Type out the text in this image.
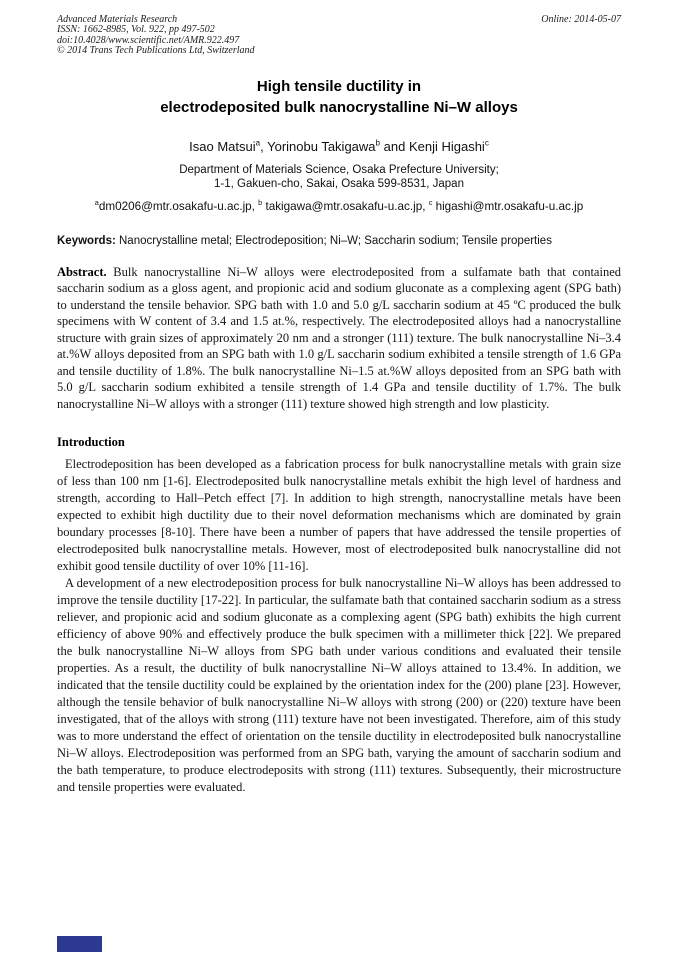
Advanced Materials Research
ISSN: 1662-8985, Vol. 922, pp 497-502
doi:10.4028/www.scientific.net/AMR.922.497
© 2014 Trans Tech Publications Ltd, Switzerland
Online: 2014-05-07
High tensile ductility in
electrodeposited bulk nanocrystalline Ni–W alloys
Isao Matsui$^a$, Yorinobu Takigawa$^b$ and Kenji Higashi$^c$
Department of Materials Science, Osaka Prefecture University;
1-1, Gakuen-cho, Sakai, Osaka 599-8531, Japan
$^a$dm0206@mtr.osakafu-u.ac.jp, $^b$ takigawa@mtr.osakafu-u.ac.jp, $^c$ higashi@mtr.osakafu-u.ac.jp
Keywords: Nanocrystalline metal; Electrodeposition; Ni–W; Saccharin sodium; Tensile properties

Abstract. Bulk nanocrystalline Ni–W alloys were electrodeposited from a sulfamate bath that contained saccharin sodium as a gloss agent, and propionic acid and sodium gluconate as a complexing agent (SPG bath) to understand the tensile behavior. SPG bath with 1.0 and 5.0 g/L saccharin sodium at 45 ºC produced the bulk specimens with W content of 3.4 and 1.5 at.%, respectively. The electrodeposited alloys had a nanocrystalline structure with grain sizes of approximately 20 nm and a stronger (111) texture. The bulk nanocrystalline Ni–3.4 at.%W alloys deposited from an SPG bath with 1.0 g/L saccharin sodium exhibited a tensile strength of 1.6 GPa and tensile ductility of 1.8%. The bulk nanocrystalline Ni–1.5 at.%W alloys deposited from an SPG bath with 5.0 g/L saccharin sodium exhibited a tensile strength of 1.4 GPa and tensile ductility of 1.7%. The bulk nanocrystalline Ni–W alloys with a stronger (111) texture showed high strength and low plasticity.

Introduction

Electrodeposition has been developed as a fabrication process for bulk nanocrystalline metals with grain size of less than 100 nm [1-6]. Electrodeposited bulk nanocrystalline metals exhibit the high level of hardness and strength, according to Hall–Petch effect [7]. In addition to high strength, nanocrystalline metals have been expected to exhibit high ductility due to their novel deformation mechanisms which are dominated by grain boundary processes [8-10]. There have been a number of papers that have addressed the tensile properties of electrodeposited bulk nanocrystalline metals. However, most of electrodeposited bulk nanocrystalline did not exhibit good tensile ductility of over 10% [11-16].

A development of a new electrodeposition process for bulk nanocrystalline Ni–W alloys has been addressed to improve the tensile ductility [17-22]. In particular, the sulfamate bath that contained saccharin sodium as a stress reliever, and propionic acid and sodium gluconate as a complexing agent (SPG bath) exhibits the high current efficiency of above 90% and effectively produce the bulk specimen with a millimeter thick [22]. We prepared the bulk nanocrystalline Ni–W alloys from SPG bath under various conditions and evaluated their tensile properties. As a result, the ductility of bulk nanocrystalline Ni–W alloys attained to 13.4%. In addition, we indicated that the tensile ductility could be explained by the orientation index for the (200) plane [23]. However, although the tensile behavior of bulk nanocrystalline Ni–W alloys with strong (200) or (220) texture have been investigated, that of the alloys with strong (111) texture have not been investigated. Therefore, aim of this study was to more understand the effect of orientation on the tensile ductility in electrodeposited bulk nanocrystalline Ni–W alloys. Electrodeposition was performed from an SPG bath, varying the amount of saccharin sodium and the bath temperature, to produce electrodeposits with strong (111) textures. Subsequently, their microstructure and tensile properties were evaluated.
